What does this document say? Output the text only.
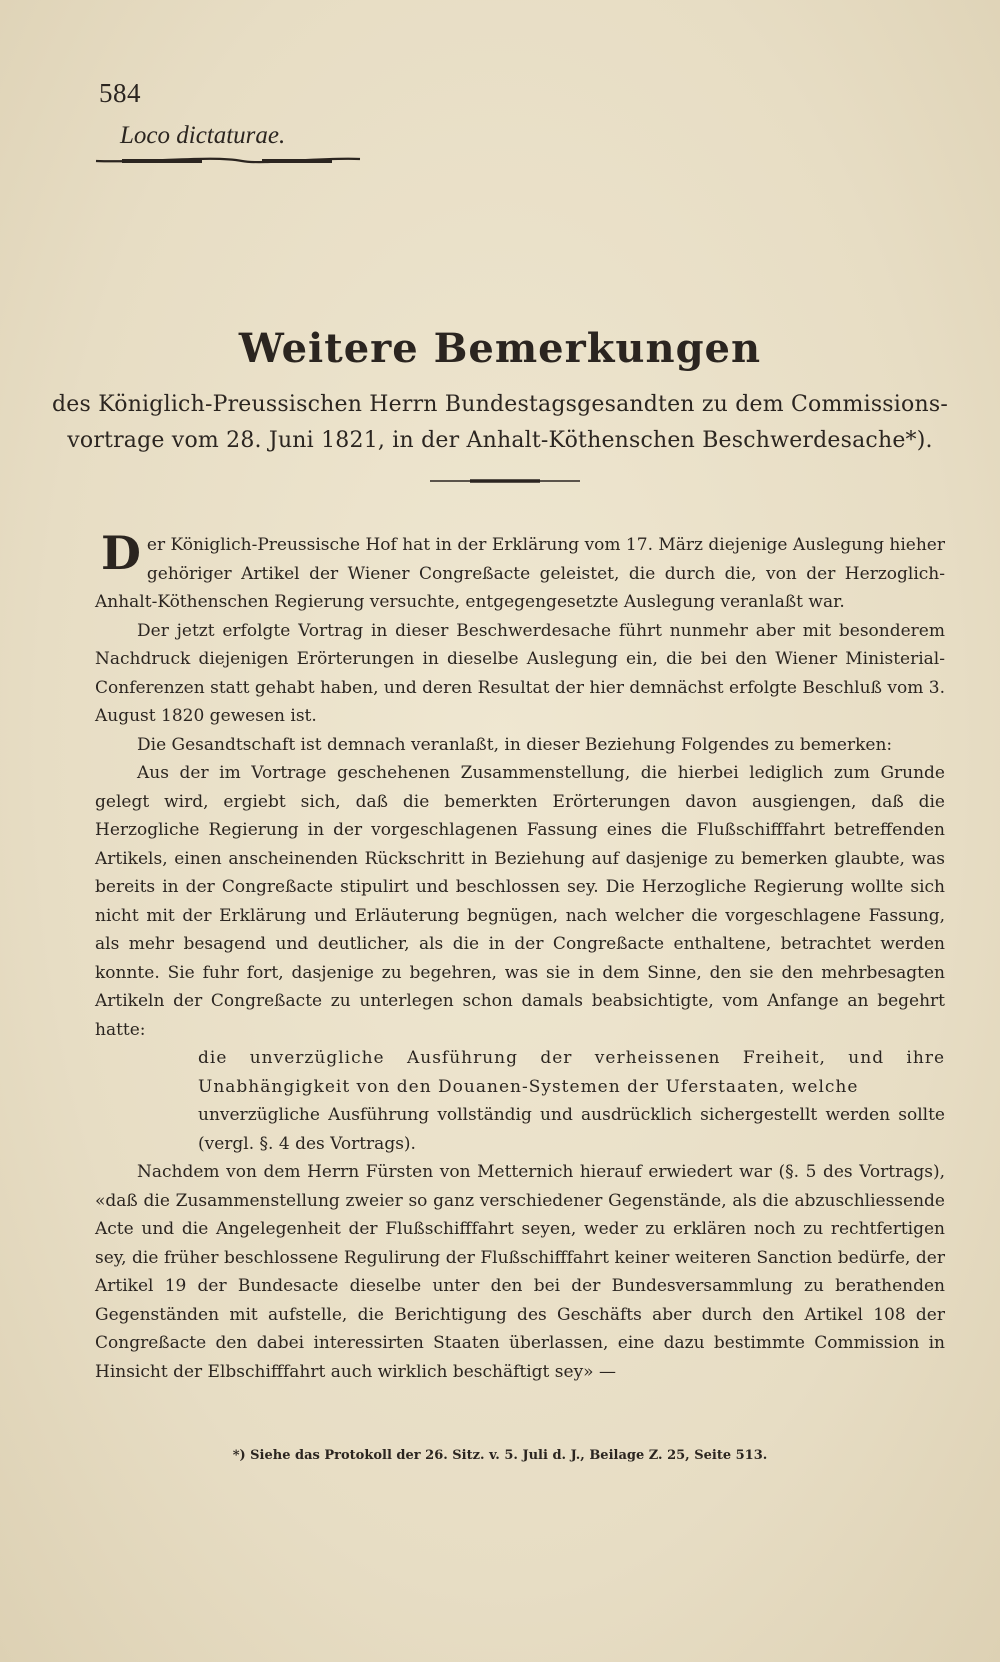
584
Loco dictaturae.
Weitere Bemerkungen
des Königlich-Preussischen Herrn Bundestagsgesandten zu dem Commissions-
vortrage vom 28. Juni 1821, in der Anhalt-Köthenschen Beschwerdesache*).

Der Königlich-Preussische Hof hat in der Erklärung vom 17. März diejenige Auslegung hieher gehöriger Artikel der Wiener Congreßacte geleistet, die durch die, von der Herzoglich-Anhalt-Köthenschen Regierung versuchte, entgegengesetzte Auslegung veranlaßt war.

Der jetzt erfolgte Vortrag in dieser Beschwerdesache führt nunmehr aber mit besonderem Nachdruck diejenigen Erörterungen in dieselbe Auslegung ein, die bei den Wiener Ministerial-Conferenzen statt gehabt haben, und deren Resultat der hier demnächst erfolgte Beschluß vom 3. August 1820 gewesen ist.

Die Gesandtschaft ist demnach veranlaßt, in dieser Beziehung Folgendes zu bemerken:

Aus der im Vortrage geschehenen Zusammenstellung, die hierbei lediglich zum Grunde gelegt wird, ergiebt sich, daß die bemerkten Erörterungen davon ausgiengen, daß die Herzogliche Regierung in der vorgeschlagenen Fassung eines die Flußschifffahrt betreffenden Artikels, einen anscheinenden Rückschritt in Beziehung auf dasjenige zu bemerken glaubte, was bereits in der Congreßacte stipulirt und beschlossen sey. Die Herzogliche Regierung wollte sich nicht mit der Erklärung und Erläuterung begnügen, nach welcher die vorgeschlagene Fassung, als mehr besagend und deutlicher, als die in der Congreßacte enthaltene, betrachtet werden konnte. Sie fuhr fort, dasjenige zu begehren, was sie in dem Sinne, den sie den mehrbesagten Artikeln der Congreßacte zu unterlegen schon damals beabsichtigte, vom Anfange an begehrt hatte:

die unverzügliche Ausführung der verheissenen Freiheit, und ihre Unabhängigkeit von den Douanen-Systemen der Uferstaaten, welche

unverzügliche Ausführung vollständig und ausdrücklich sichergestellt werden sollte (vergl. §. 4 des Vortrags).

Nachdem von dem Herrn Fürsten von Metternich hierauf erwiedert war (§. 5 des Vortrags), «daß die Zusammenstellung zweier so ganz verschiedener Gegenstände, als die abzuschliessende Acte und die Angelegenheit der Flußschifffahrt seyen, weder zu erklären noch zu rechtfertigen sey, die früher beschlossene Regulirung der Flußschifffahrt keiner weiteren Sanction bedürfe, der Artikel 19 der Bundesacte dieselbe unter den bei der Bundesversammlung zu berathenden Gegenständen mit aufstelle, die Berichtigung des Geschäfts aber durch den Artikel 108 der Congreßacte den dabei interessirten Staaten überlassen, eine dazu bestimmte Commission in Hinsicht der Elbschifffahrt auch wirklich beschäftigt sey» —

*) Siehe das Protokoll der 26. Sitz. v. 5. Juli d. J., Beilage Z. 25, Seite 513.
